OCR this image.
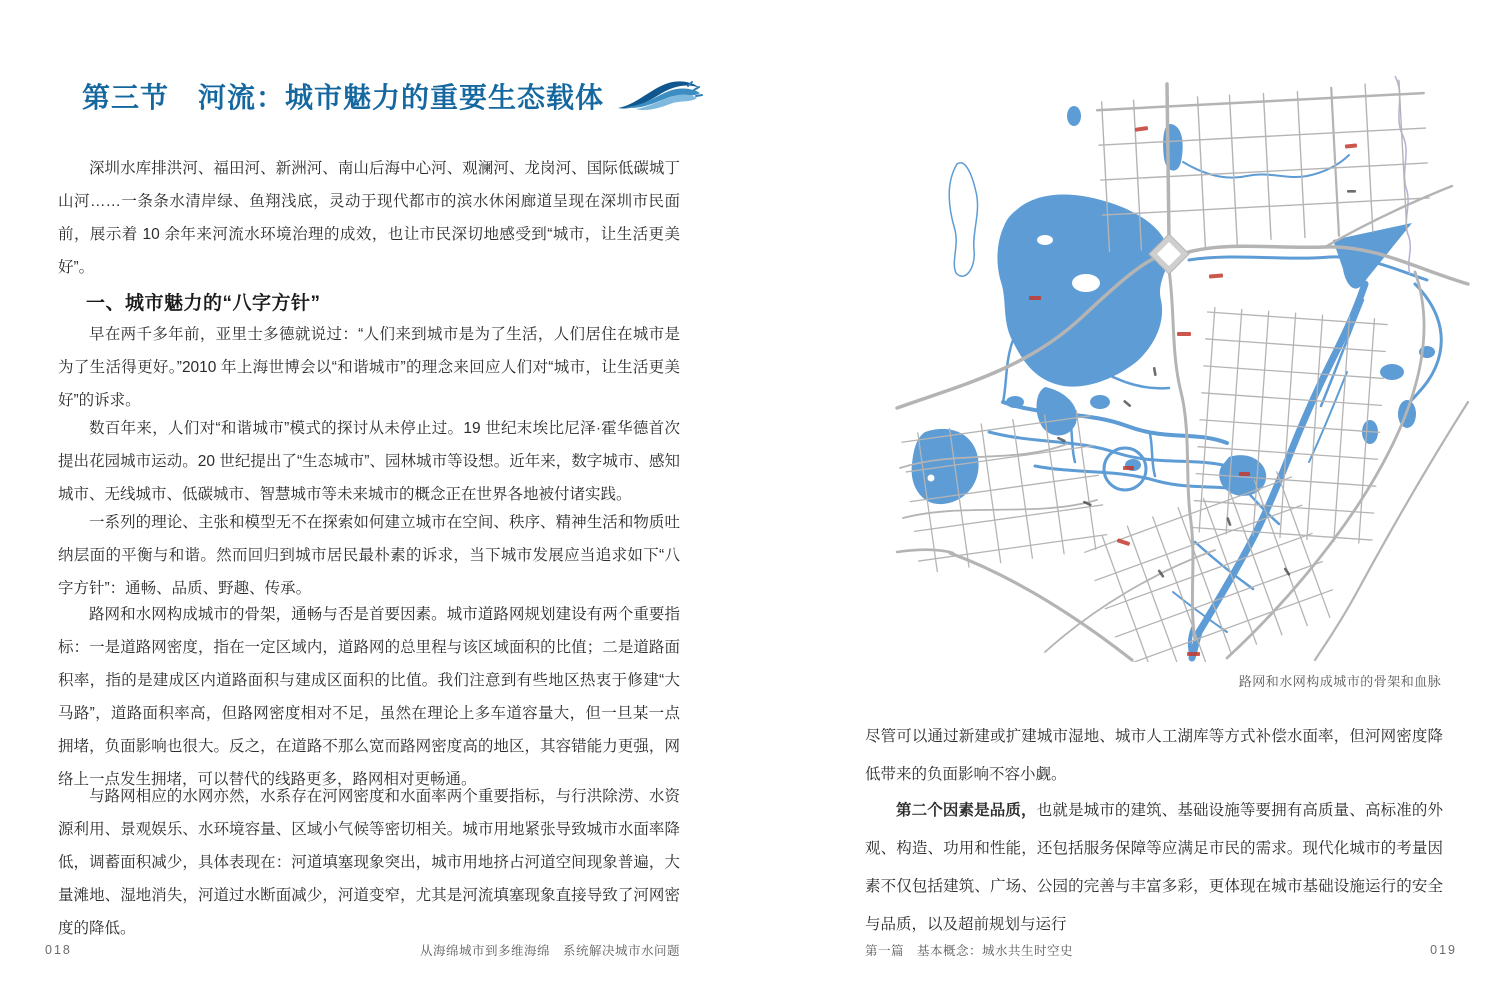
第三节　河流：城市魅力的重要生态载体

深圳水库排洪河、福田河、新洲河、南山后海中心河、观澜河、龙岗河、国际低碳城丁山河……一条条水清岸绿、鱼翔浅底，灵动于现代都市的滨水休闲廊道呈现在深圳市民面前，展示着 10 余年来河流水环境治理的成效，也让市民深切地感受到“城市，让生活更美好”。

一、城市魅力的“八字方针”

早在两千多年前，亚里士多德就说过：“人们来到城市是为了生活，人们居住在城市是为了生活得更好。”2010 年上海世博会以“和谐城市”的理念来回应人们对“城市，让生活更美好”的诉求。

数百年来，人们对“和谐城市”模式的探讨从未停止过。19 世纪末埃比尼泽·霍华德首次提出花园城市运动。20 世纪提出了“生态城市”、园林城市等设想。近年来，数字城市、感知城市、无线城市、低碳城市、智慧城市等未来城市的概念正在世界各地被付诸实践。

一系列的理论、主张和模型无不在探索如何建立城市在空间、秩序、精神生活和物质吐纳层面的平衡与和谐。然而回归到城市居民最朴素的诉求，当下城市发展应当追求如下“八字方针”：通畅、品质、野趣、传承。

路网和水网构成城市的骨架，通畅与否是首要因素。城市道路网规划建设有两个重要指标：一是道路网密度，指在一定区域内，道路网的总里程与该区域面积的比值；二是道路面积率，指的是建成区内道路面积与建成区面积的比值。我们注意到有些地区热衷于修建“大马路”，道路面积率高，但路网密度相对不足，虽然在理论上多车道容量大，但一旦某一点拥堵，负面影响也很大。反之，在道路不那么宽而路网密度高的地区，其容错能力更强，网络上一点发生拥堵，可以替代的线路更多，路网相对更畅通。

与路网相应的水网亦然，水系存在河网密度和水面率两个重要指标，与行洪除涝、水资源利用、景观娱乐、水环境容量、区域小气候等密切相关。城市用地紧张导致城市水面率降低，调蓄面积减少，具体表现在：河道填塞现象突出，城市用地挤占河道空间现象普遍，大量滩地、湿地消失，河道过水断面减少，河道变窄，尤其是河流填塞现象直接导致了河网密度的降低。

018	从海绵城市到多维海绵　系统解决城市水问题
路网和水网构成城市的骨架和血脉

尽管可以通过新建或扩建城市湿地、城市人工湖库等方式补偿水面率，但河网密度降低带来的负面影响不容小觑。

第二个因素是品质，也就是城市的建筑、基础设施等要拥有高质量、高标准的外观、构造、功用和性能，还包括服务保障等应满足市民的需求。现代化城市的考量因素不仅包括建筑、广场、公园的完善与丰富多彩，更体现在城市基础设施运行的安全与品质，以及超前规划与运行

第一篇　基本概念：城水共生时空史	019
